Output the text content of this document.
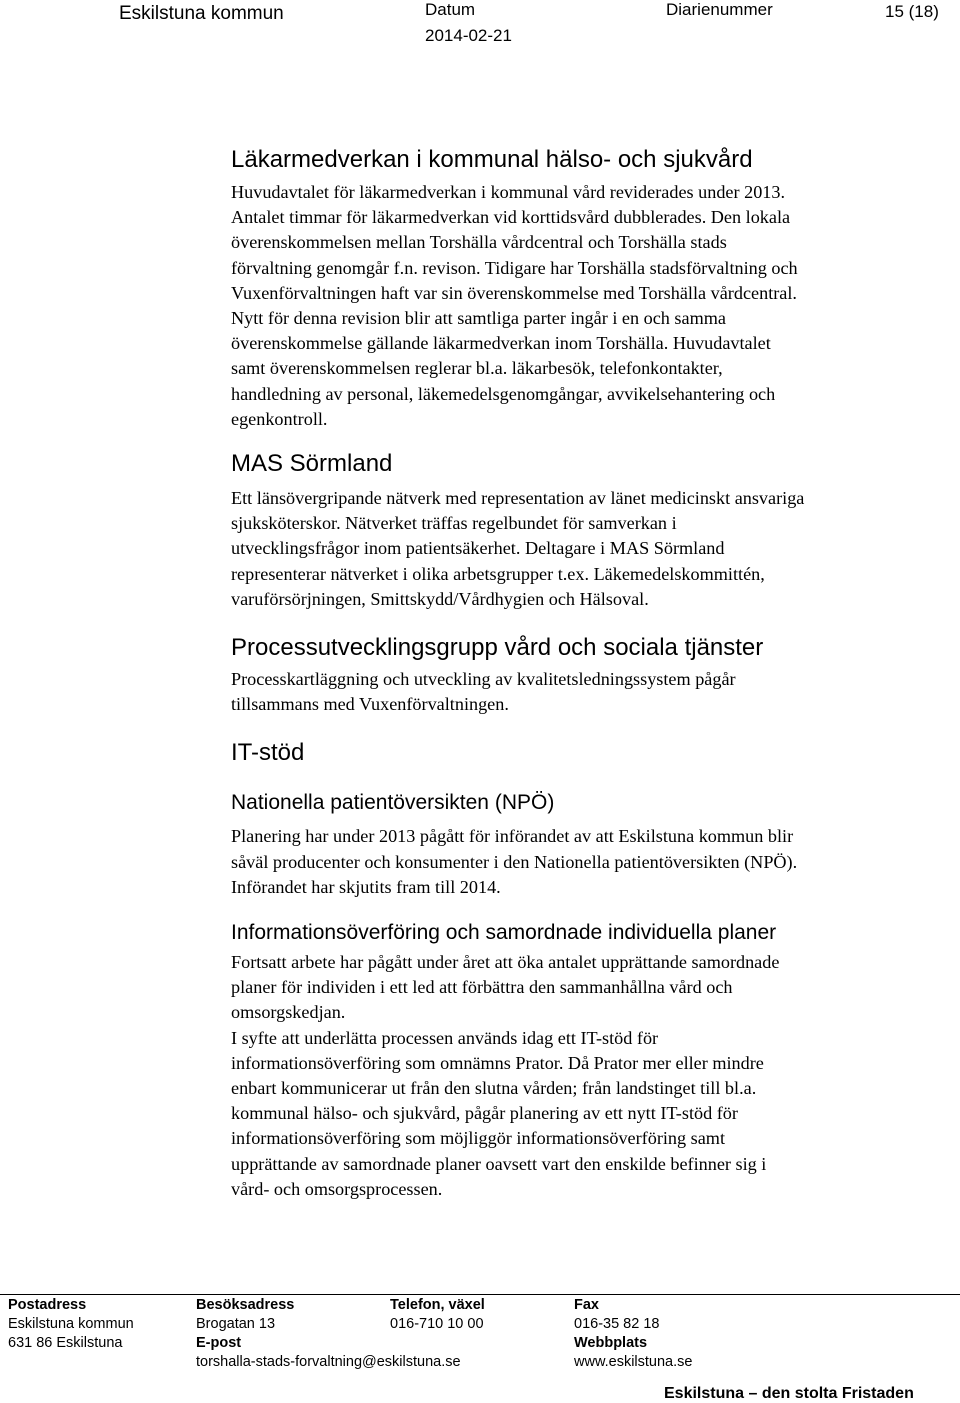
Eskilstuna kommun	Datum
2014-02-21
Diarienummer	15 (18)
Läkarmedverkan i kommunal hälso- och sjukvård

Huvudavtalet för läkarmedverkan i kommunal vård reviderades under 2013.

Antalet timmar för läkarmedverkan vid korttidsvård dubblerades. Den lokala

överenskommelsen mellan Torshälla vårdcentral och Torshälla stads

förvaltning genomgår f.n. revison. Tidigare har Torshälla stadsförvaltning och

Vuxenförvaltningen haft var sin överenskommelse med Torshälla vårdcentral.

Nytt för denna revision blir att samtliga parter ingår i en och samma

överenskommelse gällande läkarmedverkan inom Torshälla. Huvudavtalet

samt överenskommelsen reglerar bl.a. läkarbesök, telefonkontakter,

handledning av personal, läkemedelsgenomgångar, avvikelsehantering och

egenkontroll.

MAS Sörmland

Ett länsövergripande nätverk med representation av länet medicinskt ansvariga

sjuksköterskor. Nätverket träffas regelbundet för samverkan i

utvecklingsfrågor inom patientsäkerhet. Deltagare i MAS Sörmland

representerar nätverket i olika arbetsgrupper t.ex. Läkemedelskommittén,

varuförsörjningen, Smittskydd/Vårdhygien och Hälsoval.

Processutvecklingsgrupp vård och sociala tjänster

Processkartläggning och utveckling av kvalitetsledningssystem pågår

tillsammans med Vuxenförvaltningen.

IT-stöd
Nationella patientöversikten (NPÖ)

Planering har under 2013 pågått för införandet av att Eskilstuna kommun blir

såväl producenter och konsumenter i den Nationella patientöversikten (NPÖ).

Införandet har skjutits fram till 2014.

Informationsöverföring och samordnade individuella planer

Fortsatt arbete har pågått under året att öka antalet upprättande samordnade

planer för individen i ett led att förbättra den sammanhållna vård och

omsorgskedjan.

I syfte att underlätta processen används idag ett IT-stöd för

informationsöverföring som omnämns Prator. Då Prator mer eller mindre

enbart kommunicerar ut från den slutna vården; från landstinget till bl.a.

kommunal hälso- och sjukvård, pågår planering av ett nytt IT-stöd för

informationsöverföring som möjliggör informationsöverföring samt

upprättande av samordnade planer oavsett vart den enskilde befinner sig i

vård- och omsorgsprocessen.

Postadress
Eskilstuna kommun
631 86 Eskilstuna
Besöksadress
Brogatan 13
E-post
torshalla-stads-forvaltning@eskilstuna.se
Telefon, växel
016-710 10 00
Fax
016-35 82 18
Webbplats
www.eskilstuna.se
Eskilstuna – den stolta Fristaden
